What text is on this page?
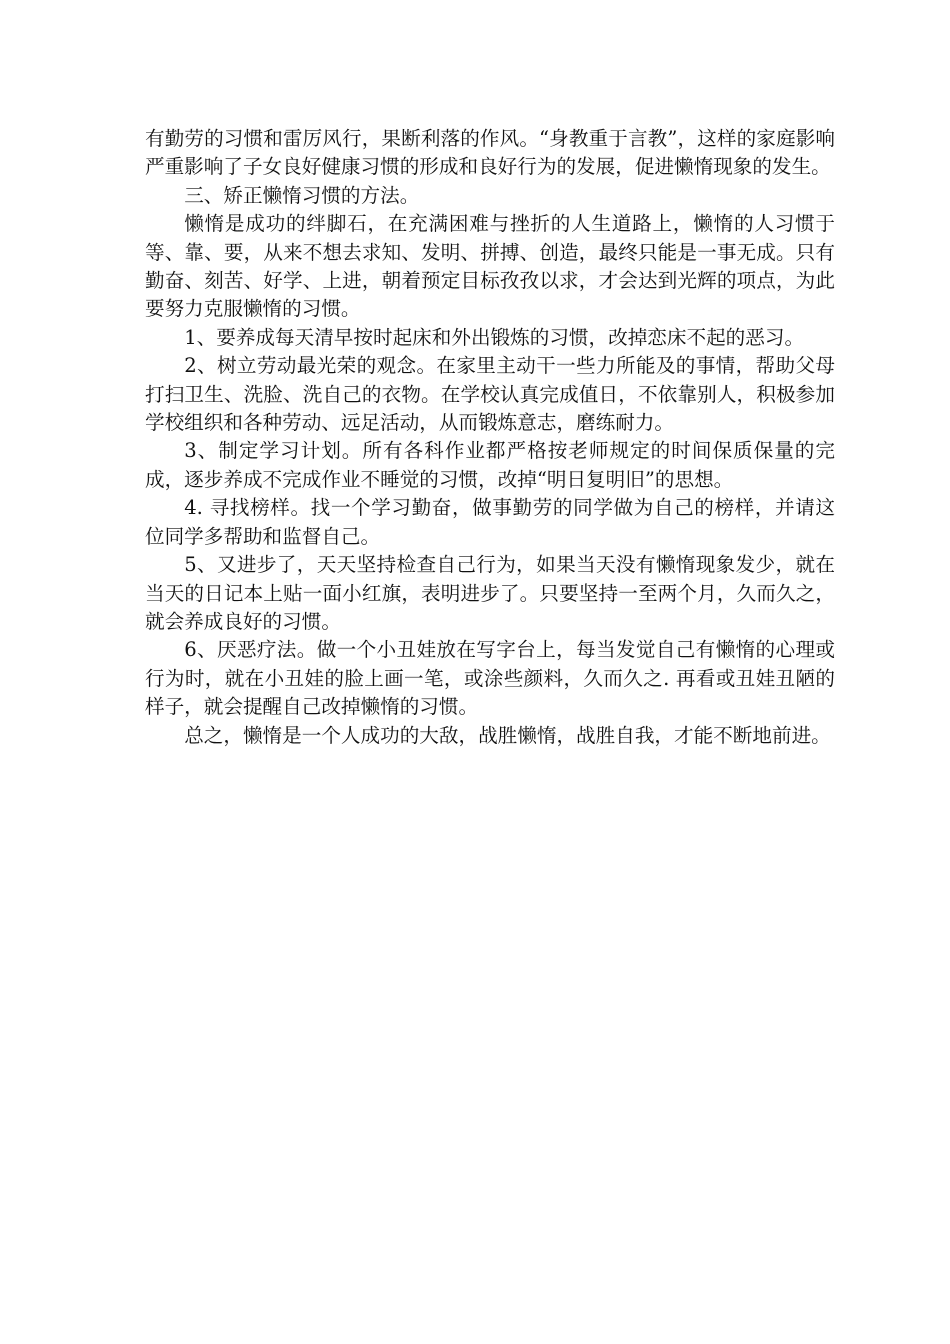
有勤劳的习惯和雷厉风行，果断利落的作风。“身教重于言教”，这样的家庭影响严重影响了子女良好健康习惯的形成和良好行为的发展，促进懒惰现象的发生。

三、矫正懒惰习惯的方法。

懒惰是成功的绊脚石，在充满困难与挫折的人生道路上，懒惰的人习惯于等、靠、要，从来不想去求知、发明、拼搏、创造，最终只能是一事无成。只有勤奋、刻苦、好学、上进，朝着预定目标孜孜以求，才会达到光辉的项点，为此要努力克服懒惰的习惯。

1、要养成每天清早按时起床和外出锻炼的习惯，改掉恋床不起的恶习。

2、树立劳动最光荣的观念。在家里主动干一些力所能及的事情，帮助父母打扫卫生、洗脸、洗自己的衣物。在学校认真完成值日，不依靠别人，积极参加学校组织和各种劳动、远足活动，从而锻炼意志，磨练耐力。

3、制定学习计划。所有各科作业都严格按老师规定的时间保质保量的完成，逐步养成不完成作业不睡觉的习惯，改掉“明日复明旧”的思想。

4. 寻找榜样。找一个学习勤奋，做事勤劳的同学做为自己的榜样，并请这位同学多帮助和监督自己。

5、又进步了，天天坚持检查自己行为，如果当天没有懒惰现象发少，就在当天的日记本上贴一面小红旗，表明进步了。只要坚持一至两个月，久而久之，就会养成良好的习惯。

6、厌恶疗法。做一个小丑娃放在写字台上，每当发觉自己有懒惰的心理或行为时，就在小丑娃的脸上画一笔，或涂些颜料，久而久之. 再看或丑娃丑陋的样子，就会提醒自己改掉懒惰的习惯。

总之，懒惰是一个人成功的大敌，战胜懒惰，战胜自我，才能不断地前进。
